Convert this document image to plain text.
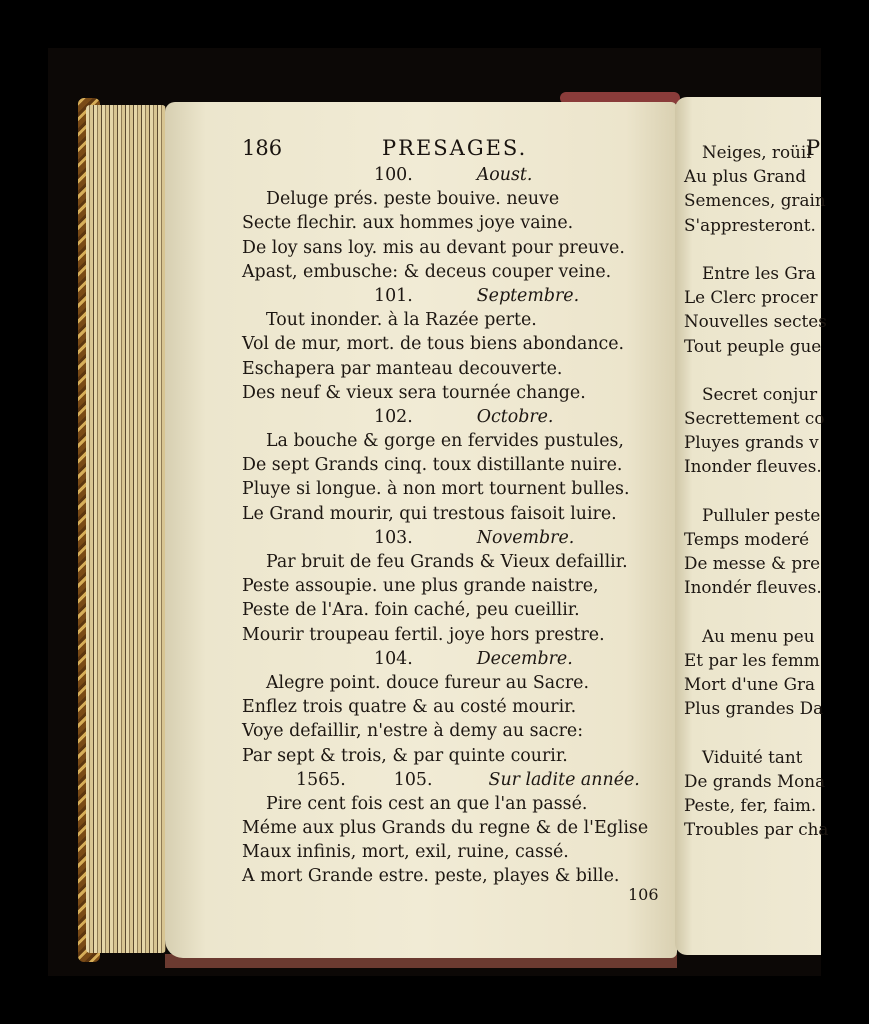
186	PRESAGES.
100.	Aoust.
Deluge prés. peste bouive. neuve
Secte flechir. aux hommes joye vaine.
De loy sans loy. mis au devant pour preuve.
Apast, embusche: & deceus couper veine.
101.	Septembre.
Tout inonder. à la Razée perte.
Vol de mur, mort. de tous biens abondance.
Eschapera par manteau decouverte.
Des neuf & vieux sera tournée change.
102.	Octobre.
La bouche & gorge en fervides pustules,
De sept Grands cinq. toux distillante nuire.
Pluye si longue. à non mort tournent bulles.
Le Grand mourir, qui trestous faisoit luire.
103.	Novembre.
Par bruit de feu Grands & Vieux defaillir.
Peste assoupie. une plus grande naistre,
Peste de l'Ara. foin caché, peu cueillir.
Mourir troupeau fertil. joye hors prestre.
104.	Decembre.
Alegre point. douce fureur au Sacre.
Enflez trois quatre & au costé mourir.
Voye defaillir, n'estre à demy au sacre:
Par sept & trois, & par quinte courir.
1565.	105.	Sur ladite année.
Pire cent fois cest an que l'an passé.
Méme aux plus Grands du regne & de l'Eglise
Maux infinis, mort, exil, ruine, cassé.
A mort Grande estre. peste, playes & bille.
106
P
Neiges, roüil
Au plus Grand
Semences, grain
S'appresteront.
Entre les Gra
Le Clerc procer
Nouvelles sectes
Tout peuple gue
Secret conjur
Secrettement co
Pluyes grands v
Inonder fleuves.
Pulluler peste
Temps moderé
De messe & pre
Inondér fleuves.
Au menu peu
Et par les femm
Mort d'une Gra
Plus grandes Da
Viduité tant
De grands Mona
Peste, fer, faim.
Troubles par cha
